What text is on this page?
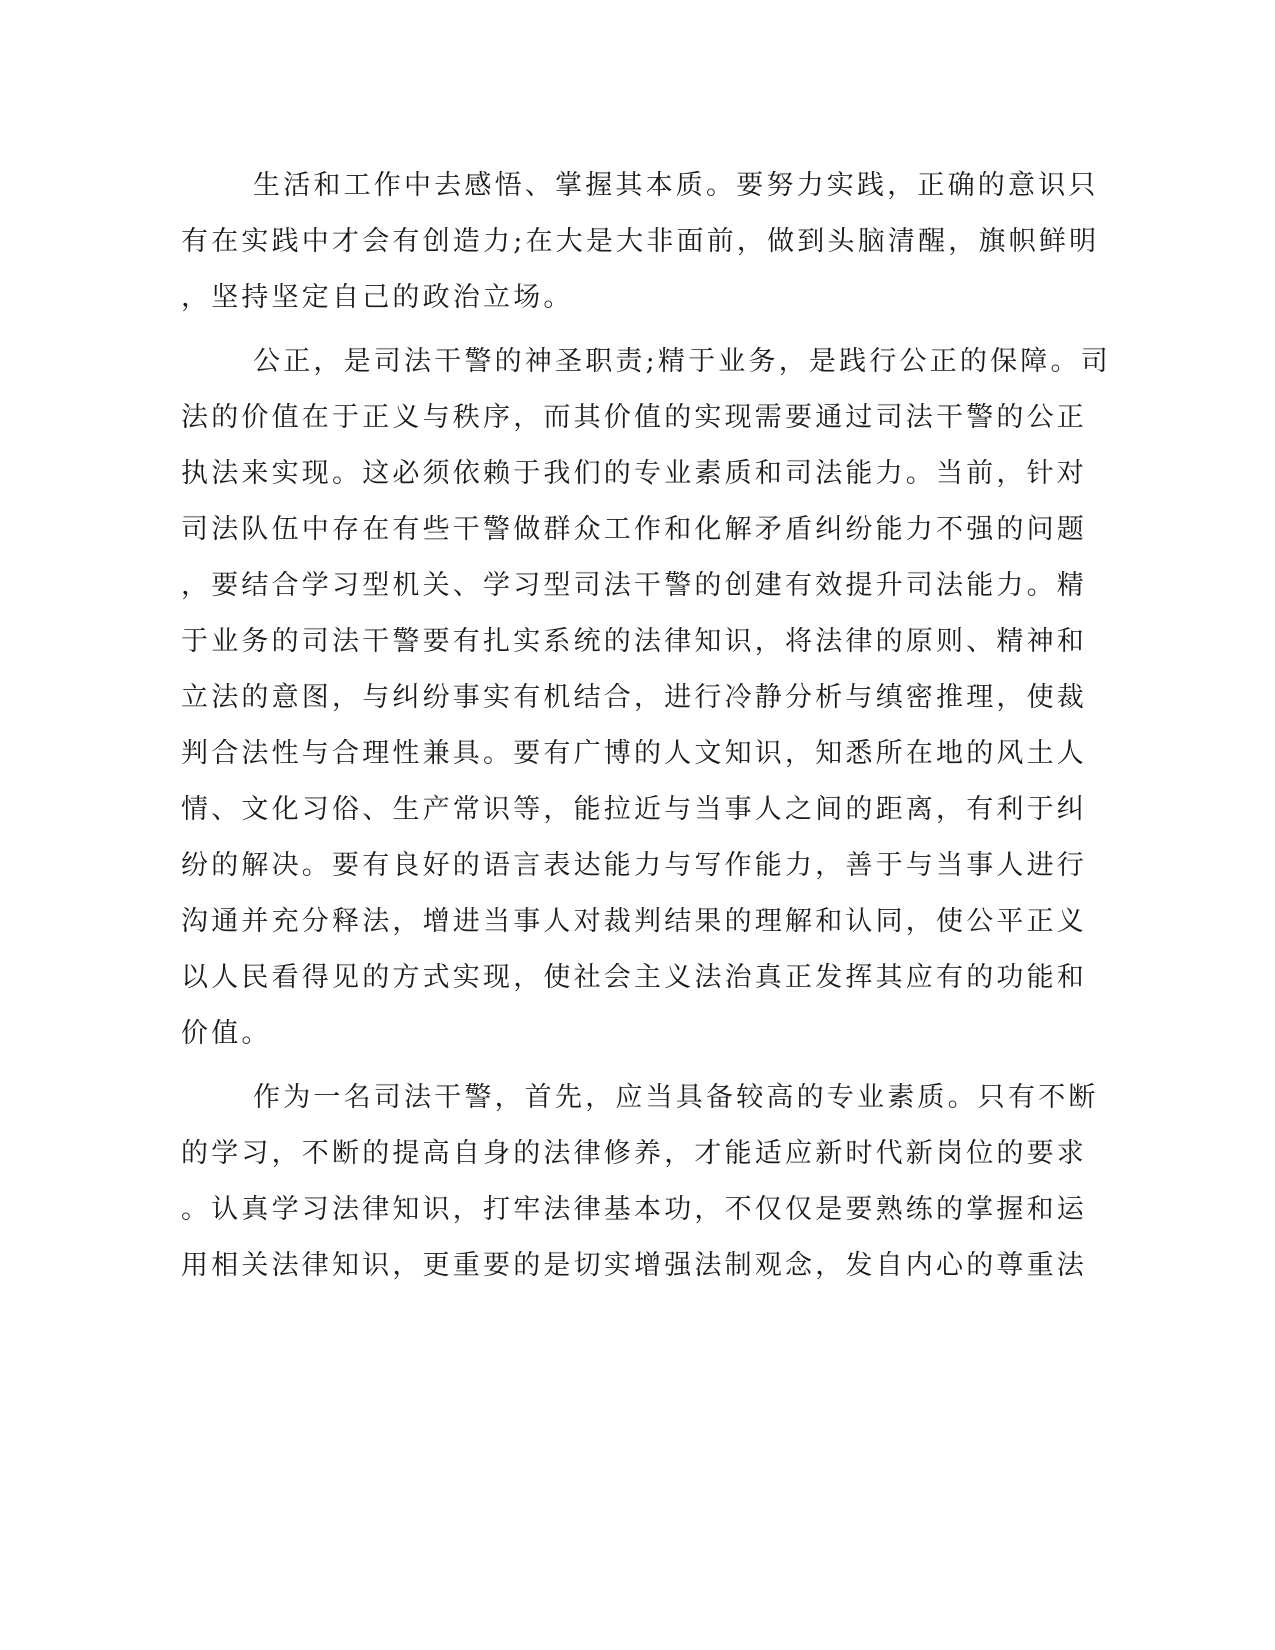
生活和工作中去感悟、掌握其本质。要努力实践，正确的意识只
有在实践中才会有创造力;在大是大非面前，做到头脑清醒，旗帜鲜明
，坚持坚定自己的政治立场。
公正，是司法干警的神圣职责;精于业务，是践行公正的保障。司
法的价值在于正义与秩序，而其价值的实现需要通过司法干警的公正
执法来实现。这必须依赖于我们的专业素质和司法能力。当前，针对
司法队伍中存在有些干警做群众工作和化解矛盾纠纷能力不强的问题
，要结合学习型机关、学习型司法干警的创建有效提升司法能力。精
于业务的司法干警要有扎实系统的法律知识，将法律的原则、精神和
立法的意图，与纠纷事实有机结合，进行冷静分析与缜密推理，使裁
判合法性与合理性兼具。要有广博的人文知识，知悉所在地的风土人
情、文化习俗、生产常识等，能拉近与当事人之间的距离，有利于纠
纷的解决。要有良好的语言表达能力与写作能力，善于与当事人进行
沟通并充分释法，增进当事人对裁判结果的理解和认同，使公平正义
以人民看得见的方式实现，使社会主义法治真正发挥其应有的功能和
价值。
作为一名司法干警，首先，应当具备较高的专业素质。只有不断
的学习，不断的提高自身的法律修养，才能适应新时代新岗位的要求
。认真学习法律知识，打牢法律基本功，不仅仅是要熟练的掌握和运
用相关法律知识，更重要的是切实增强法制观念，发自内心的尊重法
